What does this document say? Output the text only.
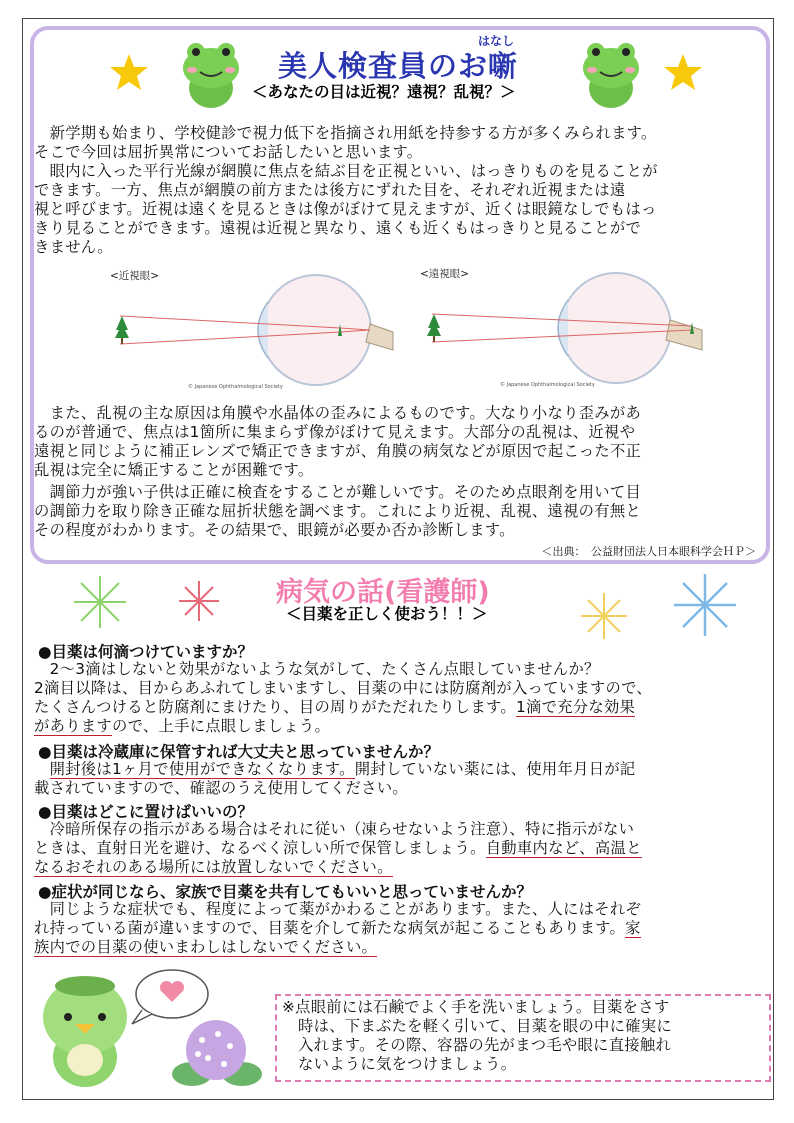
はなし
美人検査員のお噺
＜あなたの目は近視？遠視？乱視？＞
　新学期も始まり、学校健診で視力低下を指摘され用紙を持参する方が多くみられます。
そこで今回は屈折異常についてお話したいと思います。
　眼内に入った平行光線が網膜に焦点を結ぶ目を正視といい、はっきりものを見ることが
できます。一方、焦点が網膜の前方または後方にずれた目を、それぞれ近視または遠
視と呼びます。近視は遠くを見るときは像がぼけて見えますが、近くは眼鏡なしでもはっ
きり見ることができます。遠視は近視と異なり、遠くも近くもはっきりと見ることがで
きません。
<近視眼>	<遠視眼>
© Japanese Ophthalmological Society	© Japanese Ophthalmological Society
　また、乱視の主な原因は角膜や水晶体の歪みによるものです。大なり小なり歪みがあ
るのが普通で、焦点は1箇所に集まらず像がぼけて見えます。大部分の乱視は、近視や
遠視と同じように補正レンズで矯正できますが、角膜の病気などが原因で起こった不正
乱視は完全に矯正することが困難です。
　調節力が強い子供は正確に検査をすることが難しいです。そのため点眼剤を用いて目
の調節力を取り除き正確な屈折状態を調べます。これにより近視、乱視、遠視の有無と
その程度がわかります。その結果で、眼鏡が必要か否か診断します。
＜出典：　公益財団法人日本眼科学会ＨＰ＞
病気の話(看護師)
＜目薬を正しく使おう！！＞
●目薬は何滴つけていますか？
　2～3滴はしないと効果がないような気がして、たくさん点眼していませんか？
2滴目以降は、目からあふれてしまいますし、目薬の中には防腐剤が入っていますので、
たくさんつけると防腐剤にまけたり、目の周りがただれたりします。1滴で充分な効果
がありますので、上手に点眼しましょう。
●目薬は冷蔵庫に保管すれば大丈夫と思っていませんか？
　開封後は1ヶ月で使用ができなくなります。開封していない薬には、使用年月日が記
載されていますので、確認のうえ使用してください。
●目薬はどこに置けばいいの？
　冷暗所保存の指示がある場合はそれに従い（凍らせないよう注意）、特に指示がない
ときは、直射日光を避け、なるべく涼しい所で保管しましょう。自動車内など、高温と
なるおそれのある場所には放置しないでください。
●症状が同じなら、家族で目薬を共有してもいいと思っていませんか？
　同じような症状でも、程度によって薬がかわることがあります。また、人にはそれぞ
れ持っている菌が違いますので、目薬を介して新たな病気が起こることもあります。家
族内での目薬の使いまわしはしないでください。
※点眼前には石鹸でよく手を洗いましょう。目薬をさす
時は、下まぶたを軽く引いて、目薬を眼の中に確実に
入れます。その際、容器の先がまつ毛や眼に直接触れ
ないように気をつけましょう。
